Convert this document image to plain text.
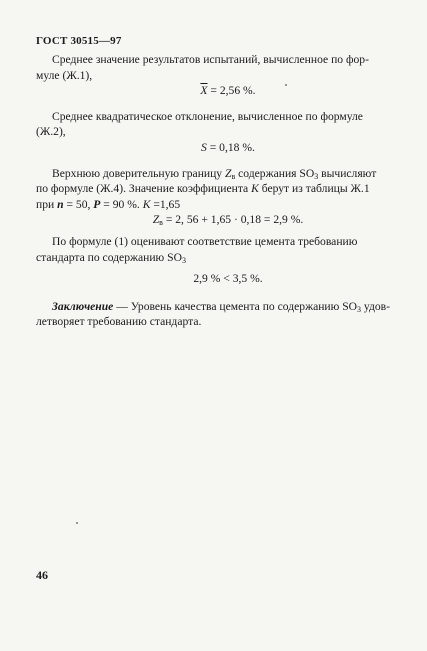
ГОСТ 30515—97
Среднее значение результатов испытаний, вычисленное по фор-
муле (Ж.1),
$\overline{X} = 2,56$ %.
Среднее квадратическое отклонение, вычисленное по формуле
(Ж.2),
S = 0,18 %.
Верхнюю доверительную границу $Z_в$ содержания $SO_3$ вычисляют
по формуле (Ж.4). Значение коэффициента K берут из таблицы Ж.1
при n = 50, P = 90 %. K =1,65
$Z_в = 2$, 56 + 1,65 · 0,18 = 2,9 %.
По формуле (1) оценивают соответствие цемента требованию
стандарта по содержанию $SO_3$
2,9 % < 3,5 %.
Заключение — Уровень качества цемента по содержанию $SO_3$ удов-
летворяет требованию стандарта.
46
